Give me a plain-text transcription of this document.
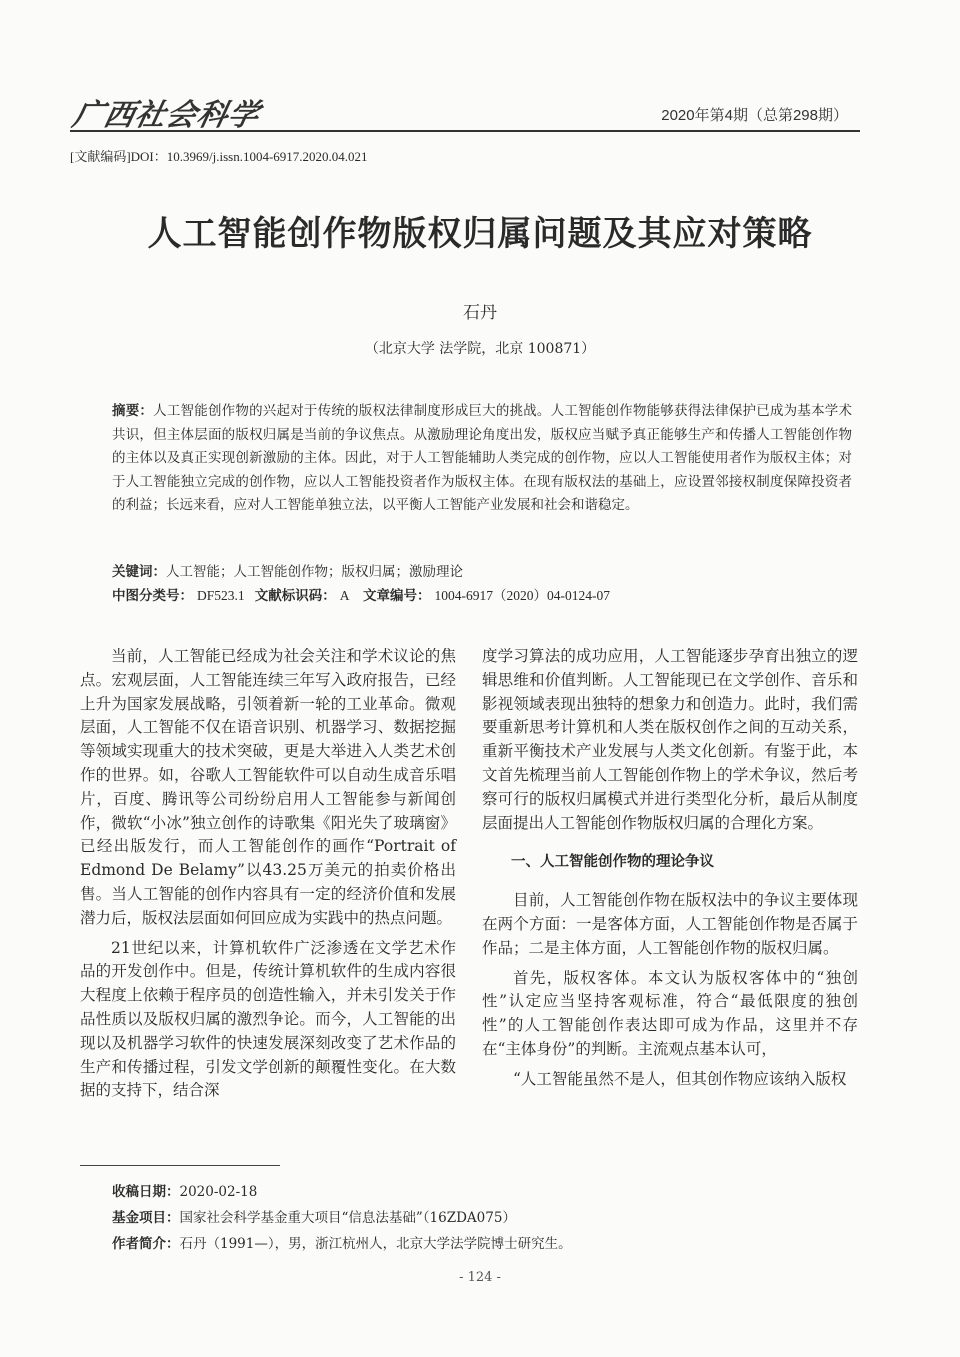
广西社会科学	2020年第4期（总第298期）
[文献编码]DOI：10.3969/j.issn.1004-6917.2020.04.021
人工智能创作物版权归属问题及其应对策略
石丹
（北京大学 法学院，北京 100871）
摘要：人工智能创作物的兴起对于传统的版权法律制度形成巨大的挑战。人工智能创作物能够获得法律保护已成为基本学术共识，但主体层面的版权归属是当前的争议焦点。从激励理论角度出发，版权应当赋予真正能够生产和传播人工智能创作物的主体以及真正实现创新激励的主体。因此，对于人工智能辅助人类完成的创作物，应以人工智能使用者作为版权主体；对于人工智能独立完成的创作物，应以人工智能投资者作为版权主体。在现有版权法的基础上，应设置邻接权制度保障投资者的利益；长远来看，应对人工智能单独立法，以平衡人工智能产业发展和社会和谐稳定。
关键词：人工智能；人工智能创作物；版权归属；激励理论
中图分类号： DF523.1 文献标识码： A 文章编号： 1004-6917（2020）04-0124-07

当前，人工智能已经成为社会关注和学术议论的焦点。宏观层面，人工智能连续三年写入政府报告，已经上升为国家发展战略，引领着新一轮的工业革命。微观层面，人工智能不仅在语音识别、机器学习、数据挖掘等领域实现重大的技术突破，更是大举进入人类艺术创作的世界。如，谷歌人工智能软件可以自动生成音乐唱片，百度、腾讯等公司纷纷启用人工智能参与新闻创作，微软“小冰”独立创作的诗歌集《阳光失了玻璃窗》已经出版发行，而人工智能创作的画作“Portrait of Edmond De Belamy”以43.25万美元的拍卖价格出售。当人工智能的创作内容具有一定的经济价值和发展潜力后，版权法层面如何回应成为实践中的热点问题。

21世纪以来，计算机软件广泛渗透在文学艺术作品的开发创作中。但是，传统计算机软件的生成内容很大程度上依赖于程序员的创造性输入，并未引发关于作品性质以及版权归属的激烈争论。而今，人工智能的出现以及机器学习软件的快速发展深刻改变了艺术作品的生产和传播过程，引发文学创新的颠覆性变化。在大数据的支持下，结合深

度学习算法的成功应用，人工智能逐步孕育出独立的逻辑思维和价值判断。人工智能现已在文学创作、音乐和影视领域表现出独特的想象力和创造力。此时，我们需要重新思考计算机和人类在版权创作之间的互动关系，重新平衡技术产业发展与人类文化创新。有鉴于此，本文首先梳理当前人工智能创作物上的学术争议，然后考察可行的版权归属模式并进行类型化分析，最后从制度层面提出人工智能创作物版权归属的合理化方案。

一、人工智能创作物的理论争议

目前，人工智能创作物在版权法中的争议主要体现在两个方面：一是客体方面，人工智能创作物是否属于作品；二是主体方面，人工智能创作物的版权归属。

首先，版权客体。本文认为版权客体中的“独创性”认定应当坚持客观标准，符合“最低限度的独创性”的人工智能创作表达即可成为作品，这里并不存在“主体身份”的判断。主流观点基本认可，

“人工智能虽然不是人，但其创作物应该纳入版权

收稿日期：2020-02-18
基金项目：国家社会科学基金重大项目“信息法基础”（16ZDA075）
作者简介：石丹（1991—），男，浙江杭州人，北京大学法学院博士研究生。
- 124 -
